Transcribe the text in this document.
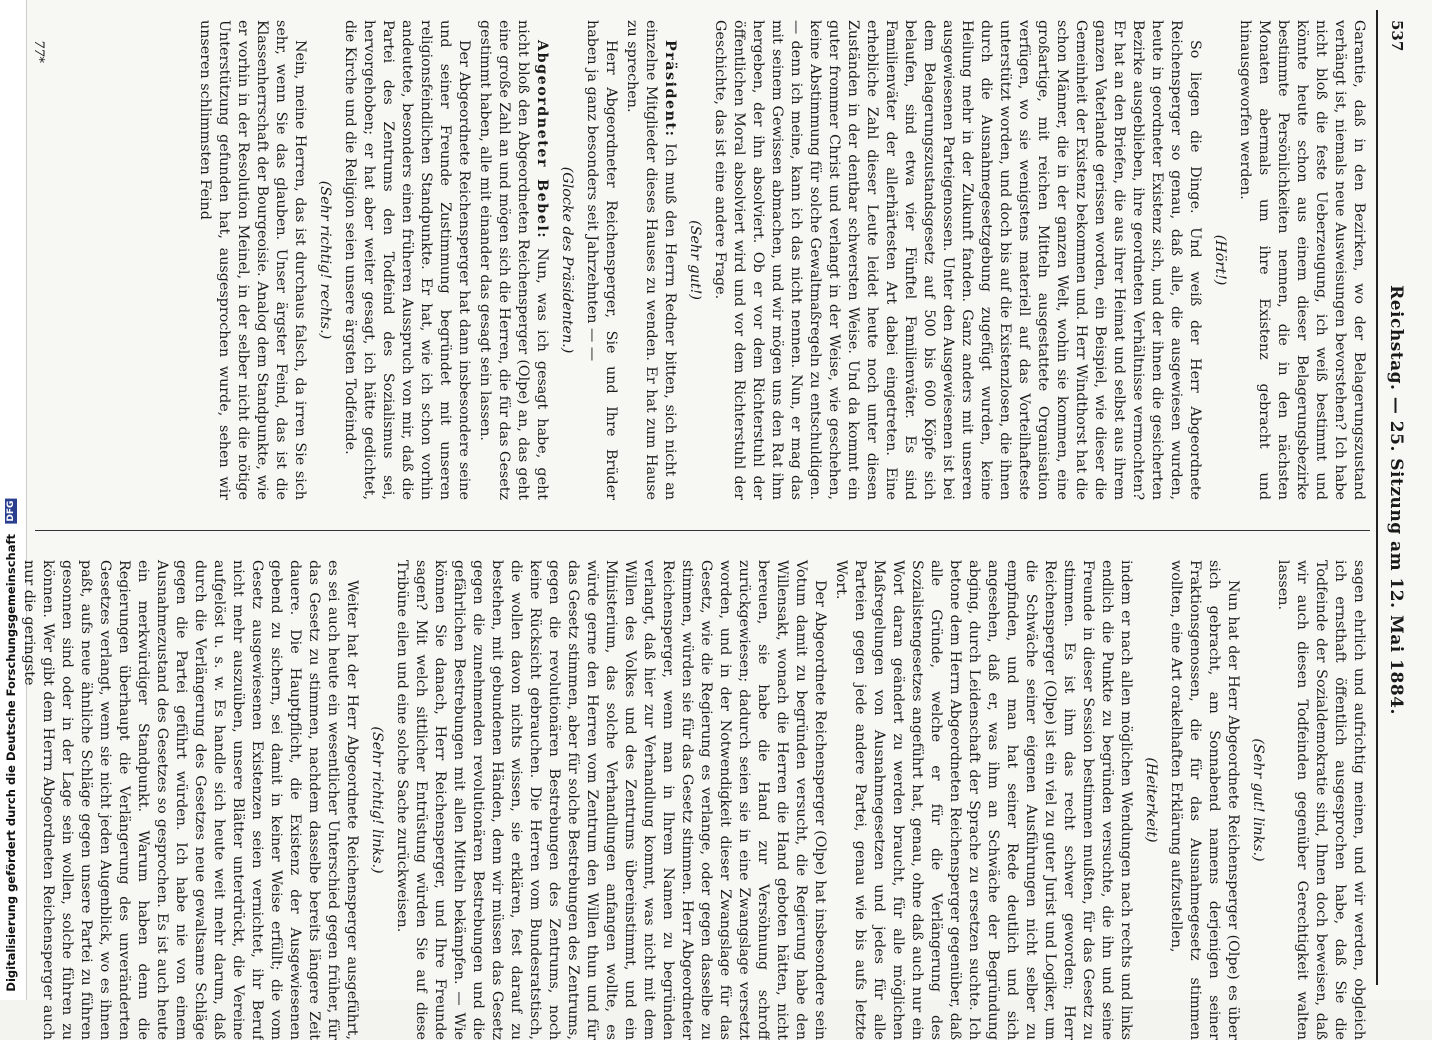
Digitalisierung gefördert durch die Deutsche Forschungsgemeinschaft DFG
537
Reichstag. — 25. Sitzung am 12. Mai 1884.

Garantie, daß in den Bezirken, wo der Belagerungszustand verhängt ist, niemals neue Ausweisungen bevorstehen? Ich habe nicht bloß die feste Ueberzeugung, ich weiß bestimmt und könnte heute schon aus einem dieser Belagerungsbezirke bestimmte Persönlichkeiten nennen, die in den nächsten Monaten abermals um ihre Existenz gebracht und hinausgeworfen werden.

(Hört!)

So liegen die Dinge. Und weiß der Herr Abgeordnete Reichensperger so genau, daß alle, die ausgewiesen wurden, heute in geordneter Existenz sich, und der ihnen die gesicherten Bezirke ausgeblieben, ihre geordneten Verhältnisse vermochten? Er hat an den Briefen, die aus ihrer Heimat und selbst aus ihrem ganzen Vaterlande gerissen worden, ein Beispiel, wie dieser die Gemeinheit der Existenz bekommen und. Herr Windthorst hat die schon Männer, die in der ganzen Welt, wohin sie kommen, eine großartige, mit reichen Mitteln ausgestattete Organisation verfügen, wo sie wenigstens materiell auf das Vorteilhafteste unterstützt worden, und doch bis auf die Existenzlosen, die ihnen durch die Ausnahmegesetzgebung zugefügt wurden, keine Heilung mehr in der Zukunft fanden. Ganz anders mit unseren ausgewiesenen Parteigenossen. Unter den Ausgewiesenen ist bei dem Belagerungszustandsgesetz auf 500 bis 600 Köpfe sich belaufen, sind etwa vier Fünftel Familienväter. Es sind Familienväter der allerhärtesten Art dabei eingetreten. Eine erhebliche Zahl dieser Leute leidet heute noch unter diesen Zuständen in der dentbar schwersten Weise. Und da kommt ein guter frommer Christ und verlangt in der Weise, wie geschehen, keine Abstimmung für solche Gewaltmaßregeln zu entschuldigen. — denn ich meine, kann ich das nicht nennen. Nun, er mag das mit seinem Gewissen abmachen, und wir mögen uns den Rat ihm hergeben, der ihn absolviert. Ob er vor dem Richterstuhl der öffentlichen Moral absolviert wird und vor dem Richterstuhl der Geschichte, das ist eine andere Frage.

(Sehr gut!)

Präsident: Ich muß den Herrn Redner bitten, sich nicht an einzelne Mitglieder dieses Hauses zu wenden. Er hat zum Hause zu sprechen.

Herr Abgeordneter Reichensperger, Sie und Ihre Brüder haben ja ganz besonders seit Jahrzehnten — —

(Glocke des Präsidenten.)

Abgeordneter Bebel: Nun, was ich gesagt habe, geht nicht bloß den Abgeordneten Reichensperger (Olpe) an, das geht eine große Zahl an und mögen sich die Herren, die für das Gesetz gestimmt haben, alle mit einander das gesagt sein lassen.

Der Abgeordnete Reichensperger hat dann insbesondere seine und seiner Freunde Zustimmung begründet mit unseren religionsfeindlichen Standpunkte. Er hat, wie ich schon vorhin andeutete, besonders einen früheren Ausspruch von mir, daß die Partei des Zentrums den Todfeind des Sozialismus sei, hervorgehoben; er hat aber weiter gesagt, ich hätte gedichtet, die Kirche und die Religion seien unsere ärgsten Todfeinde.

(Sehr richtig! rechts.)

Nein, meine Herren, das ist durchaus falsch, da irren Sie sich sehr, wenn Sie das glauben. Unser ärgster Feind, das ist die Klassenherrschaft der Bourgeoisie. Analog dem Standpunkte, wie er vorhin in der Resolution Meinel, in der selber nicht die nötige Unterstützung gefunden hat, ausgesprochen wurde, sehen wir unseren schlimmsten Feind

77*

sagen ehrlich und aufrichtig meinen, und wir werden, obgleich ich ernsthaft öffentlich ausgesprochen habe, daß Sie die Todfeinde der Sozialdemokratie sind, Ihnen doch beweisen, daß wir auch diesen Todfeinden gegenüber Gerechtigkeit walten lassen.

(Sehr gut! links.)

Nun hat der Herr Abgeordnete Reichensperger (Olpe) es über sich gebracht, am Sonnabend namens derjenigen seiner Fraktionsgenossen, die für das Ausnahmegesetz stimmen wollten, eine Art orakelhaften Erklärung aufzustellen,

(Heiterkeit)

indem er nach allen möglichen Wendungen nach rechts und links endlich die Punkte zu begründen versuchte, die ihn und seine Freunde in dieser Session bestimmen mußten, für das Gesetz zu stimmen. Es ist ihm das recht schwer geworden; Herr Reichensperger (Olpe) ist ein viel zu guter Jurist und Logiker, um die Schwäche seiner eigenen Ausführungen nicht selber zu empfinden, und man hat seiner Rede deutlich und sich angesehen, daß er, was ihm an Schwäche der Begründung abging, durch Leidenschaft der Sprache zu ersetzen suchte. Ich betone dem Herrn Abgeordneten Reichensperger gegenüber, daß alle Gründe, welche er für die Verlängerung des Sozialistengesetzes angeführt hat, genau, ohne daß auch nur ein Wort daran geändert zu werden braucht, für alle möglichen Maßregelungen von Ausnahmegesetzen und jedes für alle Parteien gegen jede andere Partei, genau wie bis aufs letzte Wort.

Der Abgeordnete Reichensperger (Olpe) hat insbesondere sein Votum damit zu begründen versucht, die Regierung habe den Willensakt, wonach die Herren die Hand geboten hätten, nicht bereuen, sie habe die Hand zur Versöhnung schroff zurückgewiesen; dadurch seien sie in eine Zwangslage versetzt worden, und in der Notwendigkeit dieser Zwangslage für das Gesetz, wie die Regierung es verlange, oder gegen dasselbe zu stimmen, würden sie für das Gesetz stimmen. Herr Abgeordneter Reichensperger, wenn man in Ihrem Namen zu begründen verlangt, daß hier zur Verhandlung kommt, was nicht mit dem Willen des Volkes und des Zentrums übereinstimmt, und ein Ministerium, das solche Verhandlungen anfangen wollte, es würde gerne den Herren vom Zentrum den Willen thun und für das Gesetz stimmen, aber für solche Bestrebungen des Zentrums, gegen die revolutionären Bestrebungen des Zentrums, noch keine Rücksicht gebrauchen. Die Herren vom Bundesratstisch, die wollen davon nichts wissen, sie erklären, fest darauf zu bestehen, mit gebundenen Händen, denn wir müssen das Gesetz gegen die zunehmenden revolutionären Bestrebungen und die gefährlichen Bestrebungen mit allen Mitteln bekämpfen. — Wie können Sie danach, Herr Reichensperger, und Ihre Freunde sagen? Mit welch sittlicher Entrüstung würden Sie auf diese Tribüne eilen und eine solche Sache zurückweisen.

(Sehr richtig! links.)

Weiter hat der Herr Abgeordnete Reichensperger ausgeführt, es sei auch heute ein wesentlicher Unterschied gegen früher, für das Gesetz zu stimmen, nachdem dasselbe bereits längere Zeit dauere. Die Hauptpflicht, die Existenz der Ausgewiesenen gebend zu sichern, sei damit in keiner Weise erfüllt; die vom Gesetz ausgewiesenen Existenzen seien vernichtet, ihr Beruf nicht mehr auszuüben, unsere Blätter unterdrückt, die Vereine aufgelöst u. s. w. Es handle sich heute weit mehr darum, daß durch die Verlängerung des Gesetzes neue gewaltsame Schläge gegen die Partei geführt würden. Ich habe nie von einem Ausnahmezustand des Gesetzes so gesprochen. Es ist auch heute ein merkwürdiger Standpunkt. Warum haben denn die Regierungen überhaupt die Verlängerung des unveränderten Gesetzes verlangt, wenn sie nicht jeden Augenblick, wo es ihnen paßt, aufs neue ähnliche Schläge gegen unsere Partei zu führen gesonnen sind oder in der Lage sein wollen, solche führen zu können. Wer gibt dem Herrn Abgeordneten Reichensperger auch nur die geringste
